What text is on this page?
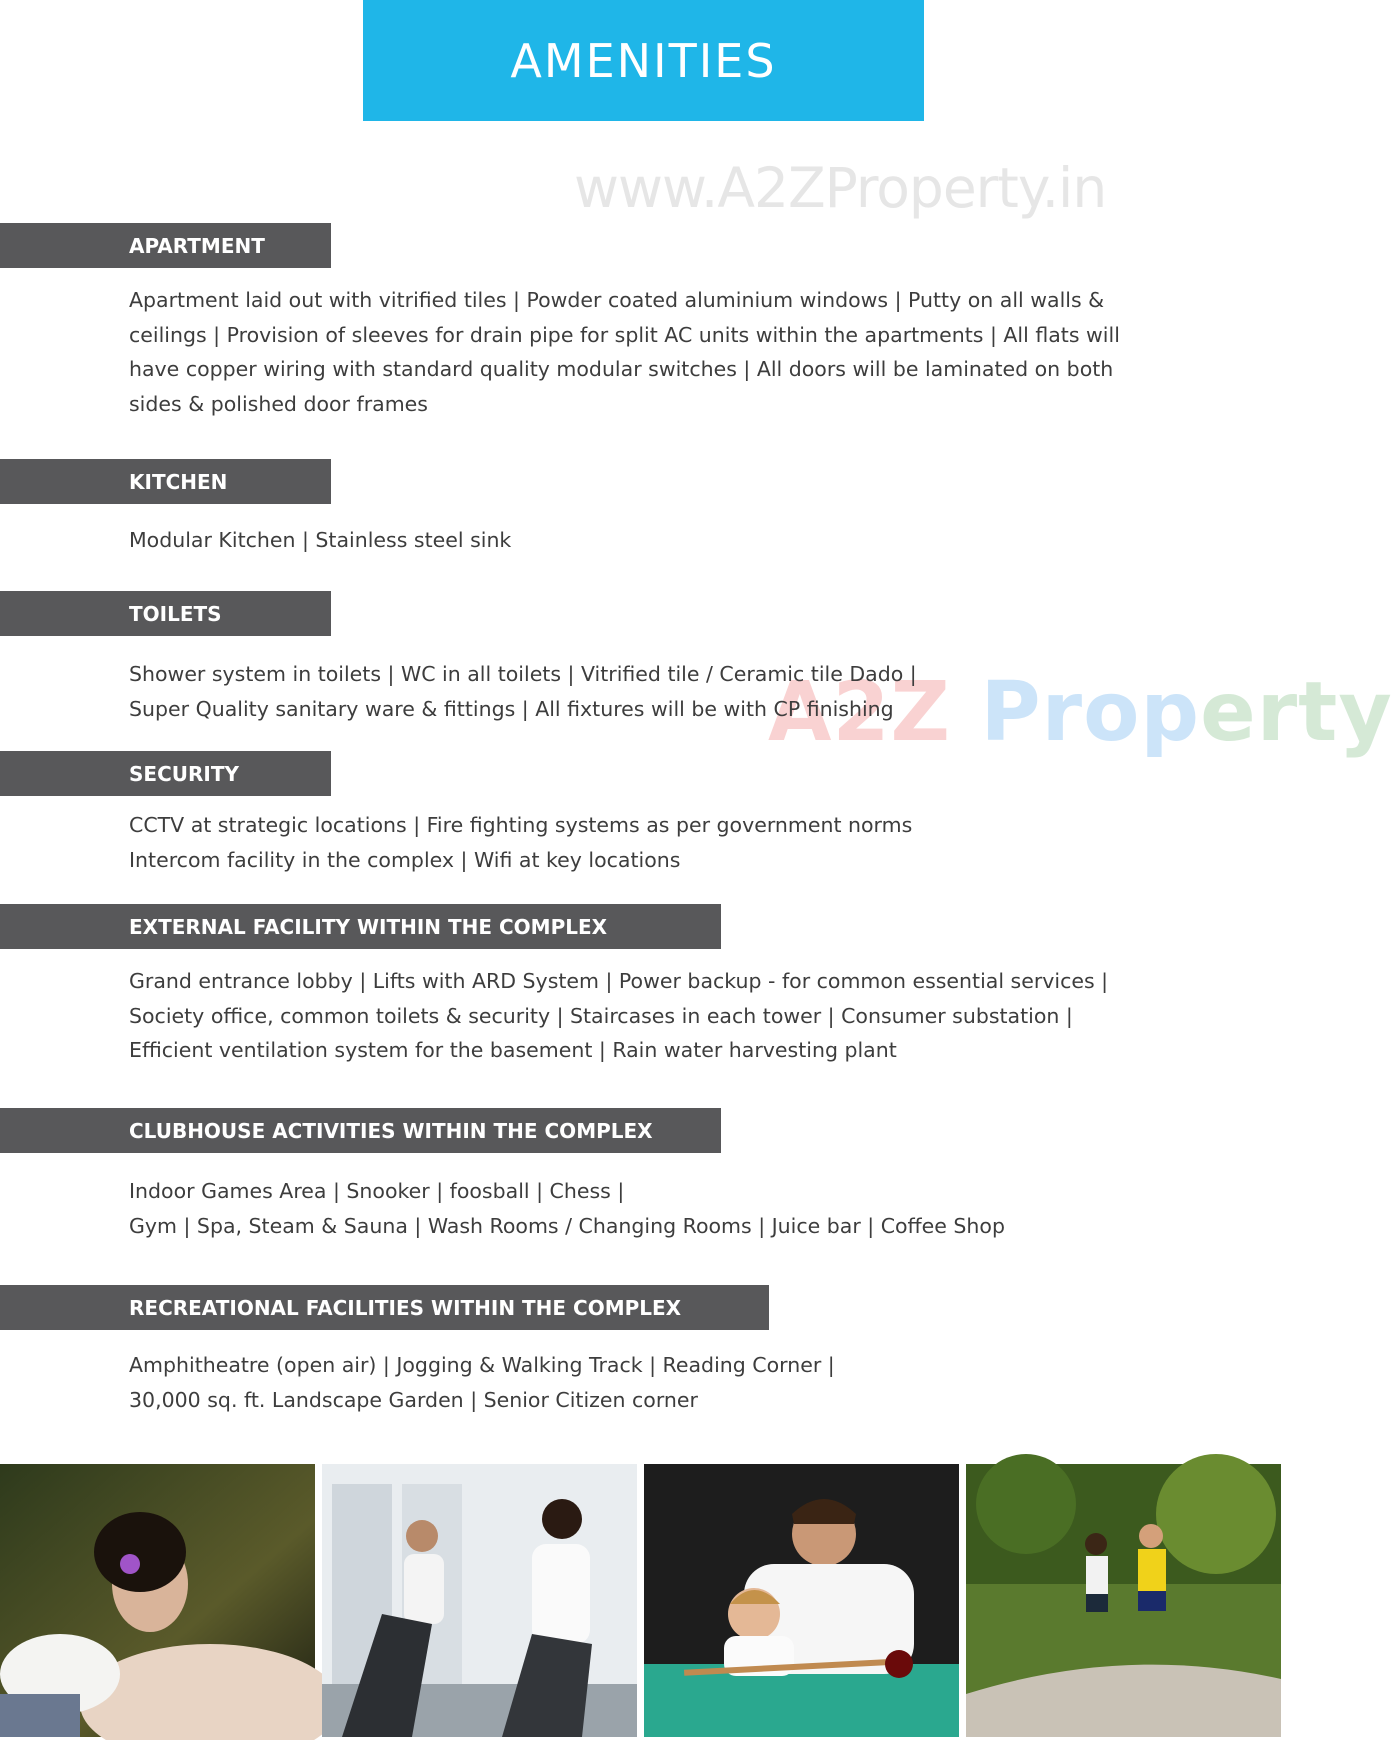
AMENITIES
www.A2ZProperty.in
A2Z Property
APARTMENT
Apartment laid out with vitrified tiles | Powder coated aluminium windows | Putty on all walls &
ceilings | Provision of sleeves for drain pipe for split AC units within the apartments | All flats will
have copper wiring with standard quality modular switches | All doors will be laminated on both
sides & polished door frames
KITCHEN
Modular Kitchen | Stainless steel sink
TOILETS
Shower system in toilets | WC in all toilets | Vitrified tile / Ceramic tile Dado |
Super Quality sanitary ware & fittings | All fixtures will be with CP finishing
SECURITY
CCTV at strategic locations | Fire fighting systems as per government norms
Intercom facility in the complex | Wifi at key locations
EXTERNAL FACILITY WITHIN THE COMPLEX
Grand entrance lobby | Lifts with ARD System | Power backup - for common essential services |
Society office, common toilets & security | Staircases in each tower | Consumer substation |
Efficient ventilation system for the basement | Rain water harvesting plant
CLUBHOUSE ACTIVITIES WITHIN THE COMPLEX
Indoor Games Area | Snooker | foosball | Chess |
Gym | Spa, Steam & Sauna | Wash Rooms / Changing Rooms | Juice bar | Coffee Shop
RECREATIONAL FACILITIES WITHIN THE COMPLEX
Amphitheatre (open air) | Jogging & Walking Track | Reading Corner |
30,000 sq. ft. Landscape Garden | Senior Citizen corner
